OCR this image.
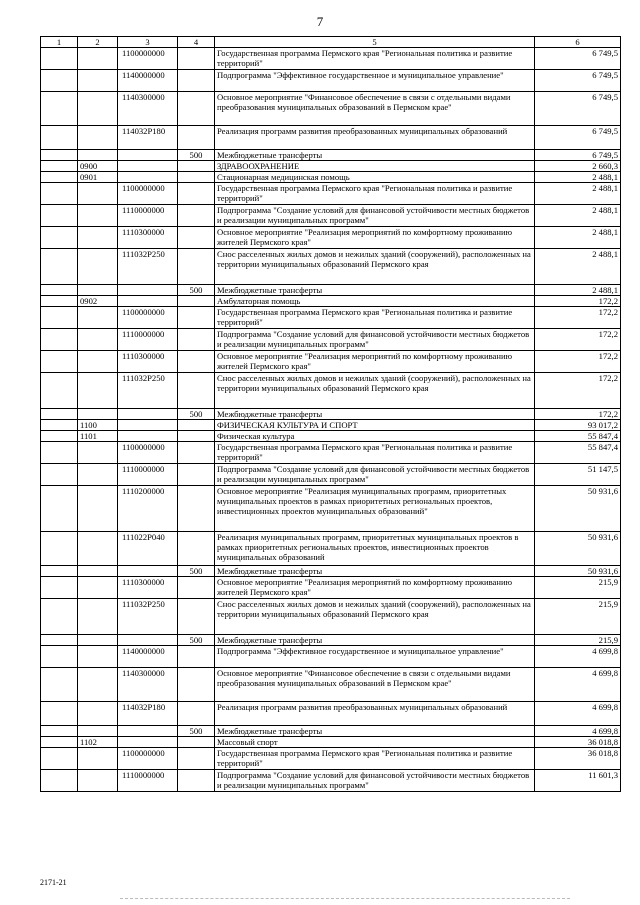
7
1	2	3	4	5	6
		1100000000		Государственная программа Пермского края "Региональная политика и развитие территорий"	6 749,5
		1140000000		Подпрограмма "Эффективное государственное и муниципальное управление"	6 749,5
		1140300000		Основное мероприятие "Финансовое обеспечение в связи с отдельными видами преобразования муниципальных образований в Пермском крае"	6 749,5
		114032P180		Реализация программ развития преобразованных муниципальных образований	6 749,5
			500	Межбюджетные трансферты	6 749,5
	0900			ЗДРАВООХРАНЕНИЕ	2 660,3
	0901			Стационарная медицинская помощь	2 488,1
		1100000000		Государственная программа Пермского края "Региональная политика и развитие территорий"	2 488,1
		1110000000		Подпрограмма "Создание условий для финансовой устойчивости местных бюджетов и реализации муниципальных программ"	2 488,1
		1110300000		Основное мероприятие "Реализация мероприятий по комфортному проживанию жителей Пермского края"	2 488,1
		111032P250		Снос расселенных жилых домов и нежилых зданий (сооружений), расположенных на территории муниципальных образований Пермского края	2 488,1
			500	Межбюджетные трансферты	2 488,1
	0902			Амбулаторная помощь	172,2
		1100000000		Государственная программа Пермского края "Региональная политика и развитие территорий"	172,2
		1110000000		Подпрограмма "Создание условий для финансовой устойчивости местных бюджетов и реализации муниципальных программ"	172,2
		1110300000		Основное мероприятие "Реализация мероприятий по комфортному проживанию жителей Пермского края"	172,2
		111032P250		Снос расселенных жилых домов и нежилых зданий (сооружений), расположенных на территории муниципальных образований Пермского края	172,2
			500	Межбюджетные трансферты	172,2
	1100			ФИЗИЧЕСКАЯ КУЛЬТУРА И СПОРТ	93 017,2
	1101			Физическая культура	55 847,4
		1100000000		Государственная программа Пермского края "Региональная политика и развитие территорий"	55 847,4
		1110000000		Подпрограмма "Создание условий для финансовой устойчивости местных бюджетов и реализации муниципальных программ"	51 147,5
		1110200000		Основное мероприятие "Реализация муниципальных программ, приоритетных муниципальных проектов в рамках приоритетных региональных проектов, инвестиционных проектов муниципальных образований"	50 931,6
		111022P040		Реализация муниципальных программ, приоритетных муниципальных проектов в рамках приоритетных региональных проектов, инвестиционных проектов муниципальных образований	50 931,6
			500	Межбюджетные трансферты	50 931,6
		1110300000		Основное мероприятие "Реализация мероприятий по комфортному проживанию жителей Пермского края"	215,9
		111032P250		Снос расселенных жилых домов и нежилых зданий (сооружений), расположенных на территории муниципальных образований Пермского края	215,9
			500	Межбюджетные трансферты	215,9
		1140000000		Подпрограмма "Эффективное государственное и муниципальное управление"	4 699,8
		1140300000		Основное мероприятие "Финансовое обеспечение в связи с отдельными видами преобразования муниципальных образований в Пермском крае"	4 699,8
		114032P180		Реализация программ развития преобразованных муниципальных образований	4 699,8
			500	Межбюджетные трансферты	4 699,8
	1102			Массовый спорт	36 018,8
		1100000000		Государственная программа Пермского края "Региональная политика и развитие территорий"	36 018,8
		1110000000		Подпрограмма "Создание условий для финансовой устойчивости местных бюджетов и реализации муниципальных программ"	11 601,3
2171-21
